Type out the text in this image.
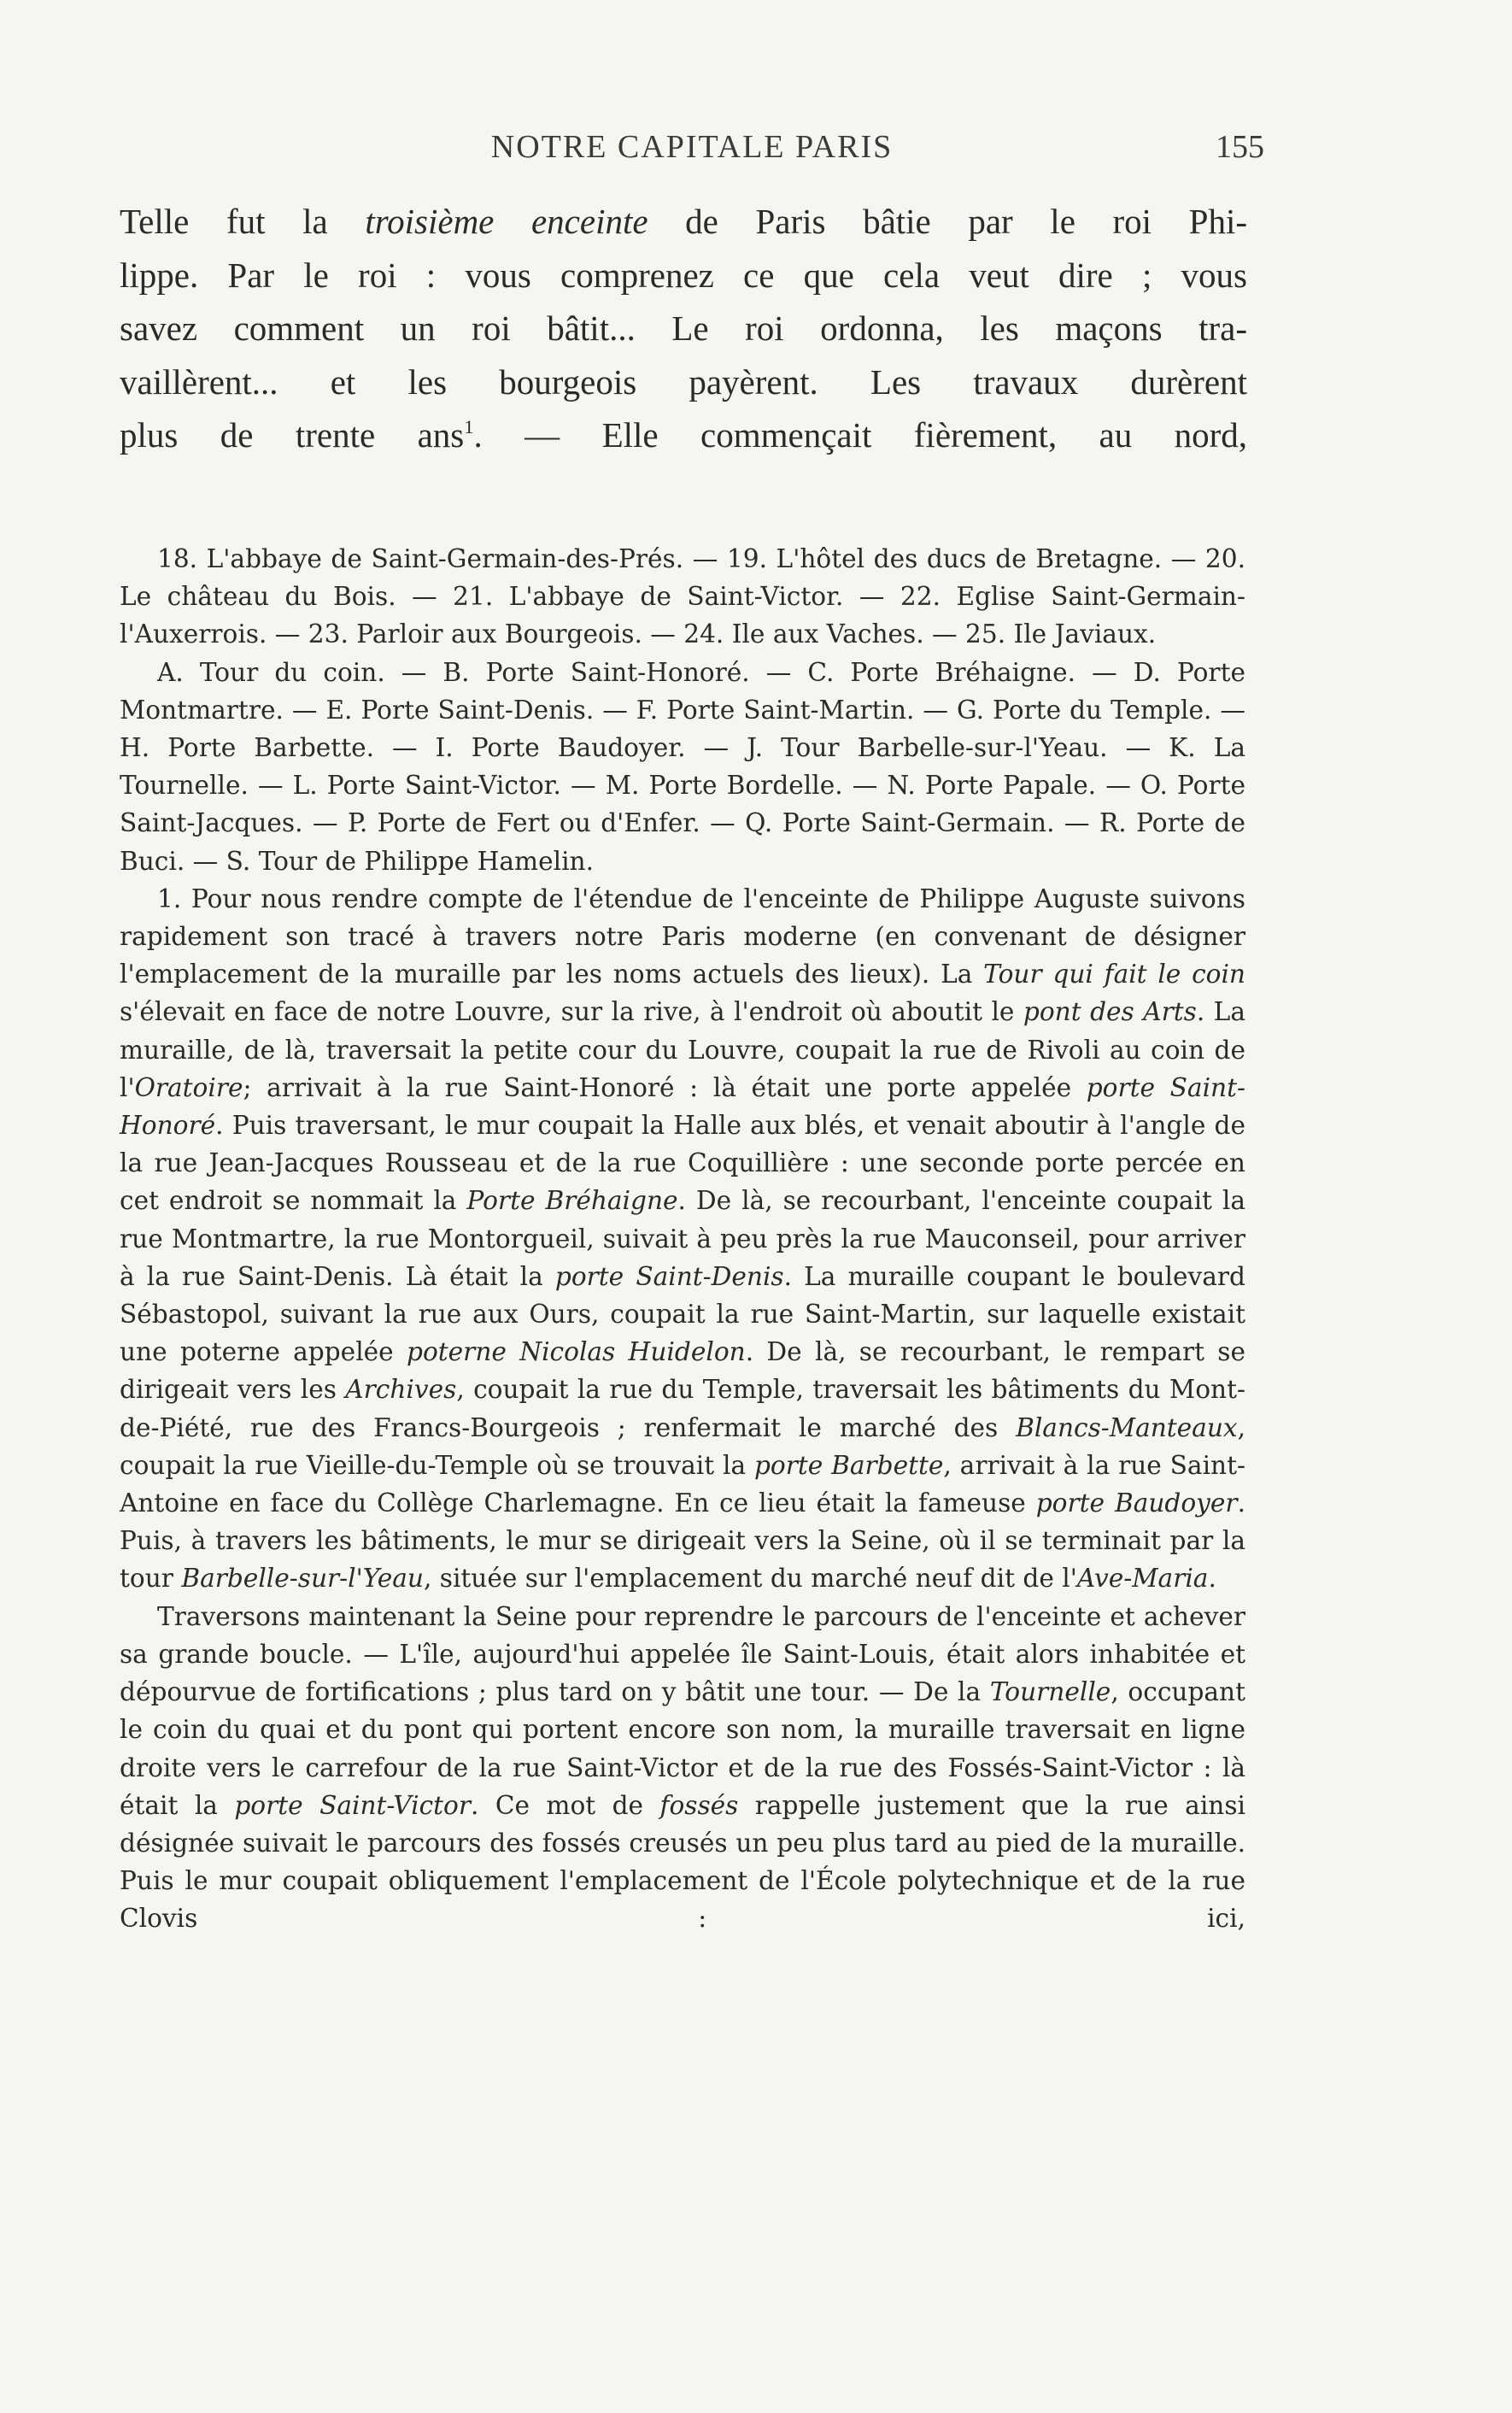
NOTRE CAPITALE PARIS	155
Telle fut la troisième enceinte de Paris bâtie par le roi Phi-
lippe. Par le roi : vous comprenez ce que cela veut dire ; vous
savez comment un roi bâtit... Le roi ordonna, les maçons tra-
vaillèrent... et les bourgeois payèrent. Les travaux durèrent
plus de trente ans$^1$. — Elle commençait fièrement, au nord,

18. L'abbaye de Saint-Germain-des-Prés. — 19. L'hôtel des ducs de Bretagne. — 20. Le château du Bois. — 21. L'abbaye de Saint-Victor. — 22. Eglise Saint-Germain-l'Auxerrois. — 23. Parloir aux Bourgeois. — 24. Ile aux Vaches. — 25. Ile Javiaux.

A. Tour du coin. — B. Porte Saint-Honoré. — C. Porte Bréhaigne. — D. Porte Montmartre. — E. Porte Saint-Denis. — F. Porte Saint-Martin. — G. Porte du Temple. — H. Porte Barbette. — I. Porte Baudoyer. — J. Tour Barbelle-sur-l'Yeau. — K. La Tournelle. — L. Porte Saint-Victor. — M. Porte Bordelle. — N. Porte Papale. — O. Porte Saint-Jacques. — P. Porte de Fert ou d'Enfer. — Q. Porte Saint-Germain. — R. Porte de Buci. — S. Tour de Philippe Hamelin.

1. Pour nous rendre compte de l'étendue de l'enceinte de Philippe Auguste suivons rapidement son tracé à travers notre Paris moderne (en convenant de désigner l'emplacement de la muraille par les noms actuels des lieux). La Tour qui fait le coin s'élevait en face de notre Louvre, sur la rive, à l'endroit où aboutit le pont des Arts. La muraille, de là, traversait la petite cour du Louvre, coupait la rue de Rivoli au coin de l'Oratoire; arrivait à la rue Saint-Honoré : là était une porte appelée porte Saint-Honoré. Puis traversant, le mur coupait la Halle aux blés, et venait aboutir à l'angle de la rue Jean-Jacques Rousseau et de la rue Coquillière : une seconde porte percée en cet endroit se nommait la Porte Bréhaigne. De là, se recourbant, l'enceinte coupait la rue Montmartre, la rue Montorgueil, suivait à peu près la rue Mauconseil, pour arriver à la rue Saint-Denis. Là était la porte Saint-Denis. La muraille coupant le boulevard Sébastopol, suivant la rue aux Ours, coupait la rue Saint-Martin, sur laquelle existait une poterne appelée poterne Nicolas Huidelon. De là, se recourbant, le rempart se dirigeait vers les Archives, coupait la rue du Temple, traversait les bâtiments du Mont-de-Piété, rue des Francs-Bourgeois ; renfermait le marché des Blancs-Manteaux, coupait la rue Vieille-du-Temple où se trouvait la porte Barbette, arrivait à la rue Saint-Antoine en face du Collège Charlemagne. En ce lieu était la fameuse porte Baudoyer. Puis, à travers les bâtiments, le mur se dirigeait vers la Seine, où il se terminait par la tour Barbelle-sur-l'Yeau, située sur l'emplacement du marché neuf dit de l'Ave-Maria.

Traversons maintenant la Seine pour reprendre le parcours de l'enceinte et achever sa grande boucle. — L'île, aujourd'hui appelée île Saint-Louis, était alors inhabitée et dépourvue de fortifications ; plus tard on y bâtit une tour. — De la Tournelle, occupant le coin du quai et du pont qui portent encore son nom, la muraille traversait en ligne droite vers le carrefour de la rue Saint-Victor et de la rue des Fossés-Saint-Victor : là était la porte Saint-Victor. Ce mot de fossés rappelle justement que la rue ainsi désignée suivait le parcours des fossés creusés un peu plus tard au pied de la muraille. Puis le mur coupait obliquement l'emplacement de l'École polytechnique et de la rue Clovis : ici,
